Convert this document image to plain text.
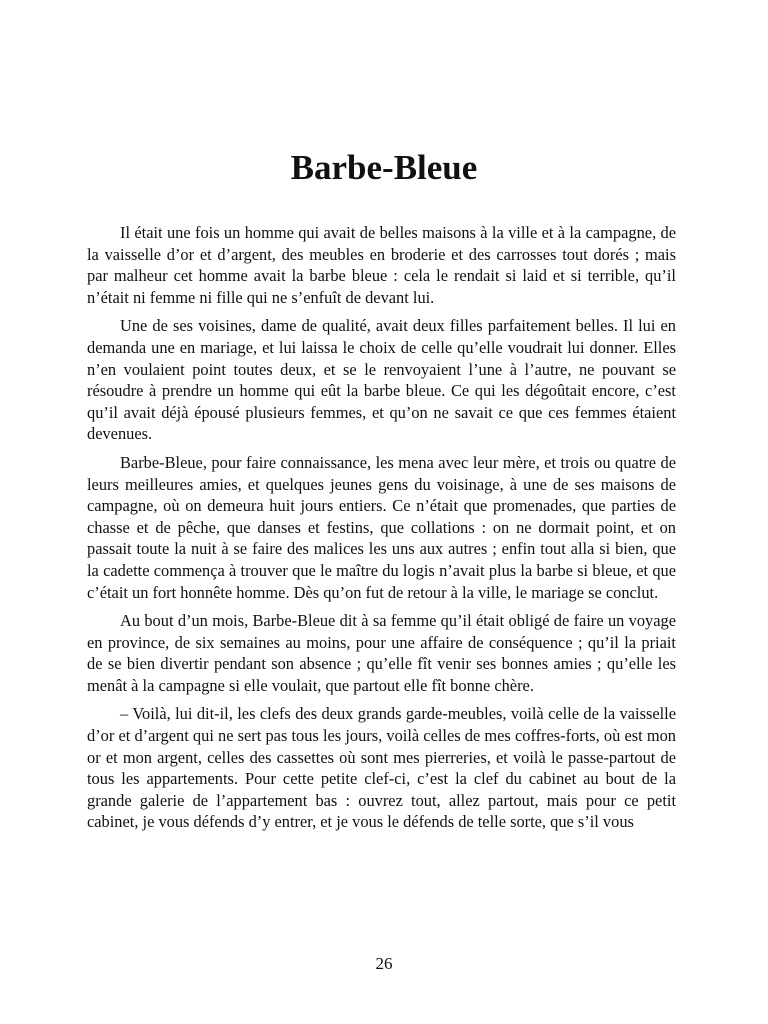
Barbe-Bleue

Il était une fois un homme qui avait de belles maisons à la ville et à la campagne, de la vaisselle d’or et d’argent, des meubles en broderie et des carrosses tout dorés ; mais par malheur cet homme avait la barbe bleue : cela le rendait si laid et si terrible, qu’il n’était ni femme ni fille qui ne s’enfuît de devant lui.

Une de ses voisines, dame de qualité, avait deux filles parfaitement belles. Il lui en demanda une en mariage, et lui laissa le choix de celle qu’elle voudrait lui donner. Elles n’en voulaient point toutes deux, et se le renvoyaient l’une à l’autre, ne pouvant se résoudre à prendre un homme qui eût la barbe bleue. Ce qui les dégoûtait encore, c’est qu’il avait déjà épousé plusieurs femmes, et qu’on ne savait ce que ces femmes étaient devenues.

Barbe-Bleue, pour faire connaissance, les mena avec leur mère, et trois ou quatre de leurs meilleures amies, et quelques jeunes gens du voisinage, à une de ses maisons de campagne, où on demeura huit jours entiers. Ce n’était que promenades, que parties de chasse et de pêche, que danses et festins, que collations : on ne dormait point, et on passait toute la nuit à se faire des malices les uns aux autres ; enfin tout alla si bien, que la cadette commença à trouver que le maître du logis n’avait plus la barbe si bleue, et que c’était un fort honnête homme. Dès qu’on fut de retour à la ville, le mariage se conclut.

Au bout d’un mois, Barbe-Bleue dit à sa femme qu’il était obligé de faire un voyage en province, de six semaines au moins, pour une affaire de conséquence ; qu’il la priait de se bien divertir pendant son absence ; qu’elle fît venir ses bonnes amies ; qu’elle les menât à la campagne si elle voulait, que partout elle fît bonne chère.

– Voilà, lui dit-il, les clefs des deux grands garde-meubles, voilà celle de la vaisselle d’or et d’argent qui ne sert pas tous les jours, voilà celles de mes coffres-forts, où est mon or et mon argent, celles des cassettes où sont mes pierreries, et voilà le passe-partout de tous les appartements. Pour cette petite clef-ci, c’est la clef du cabinet au bout de la grande galerie de l’appartement bas : ouvrez tout, allez partout, mais pour ce petit cabinet, je vous défends d’y entrer, et je vous le défends de telle sorte, que s’il vous

26
